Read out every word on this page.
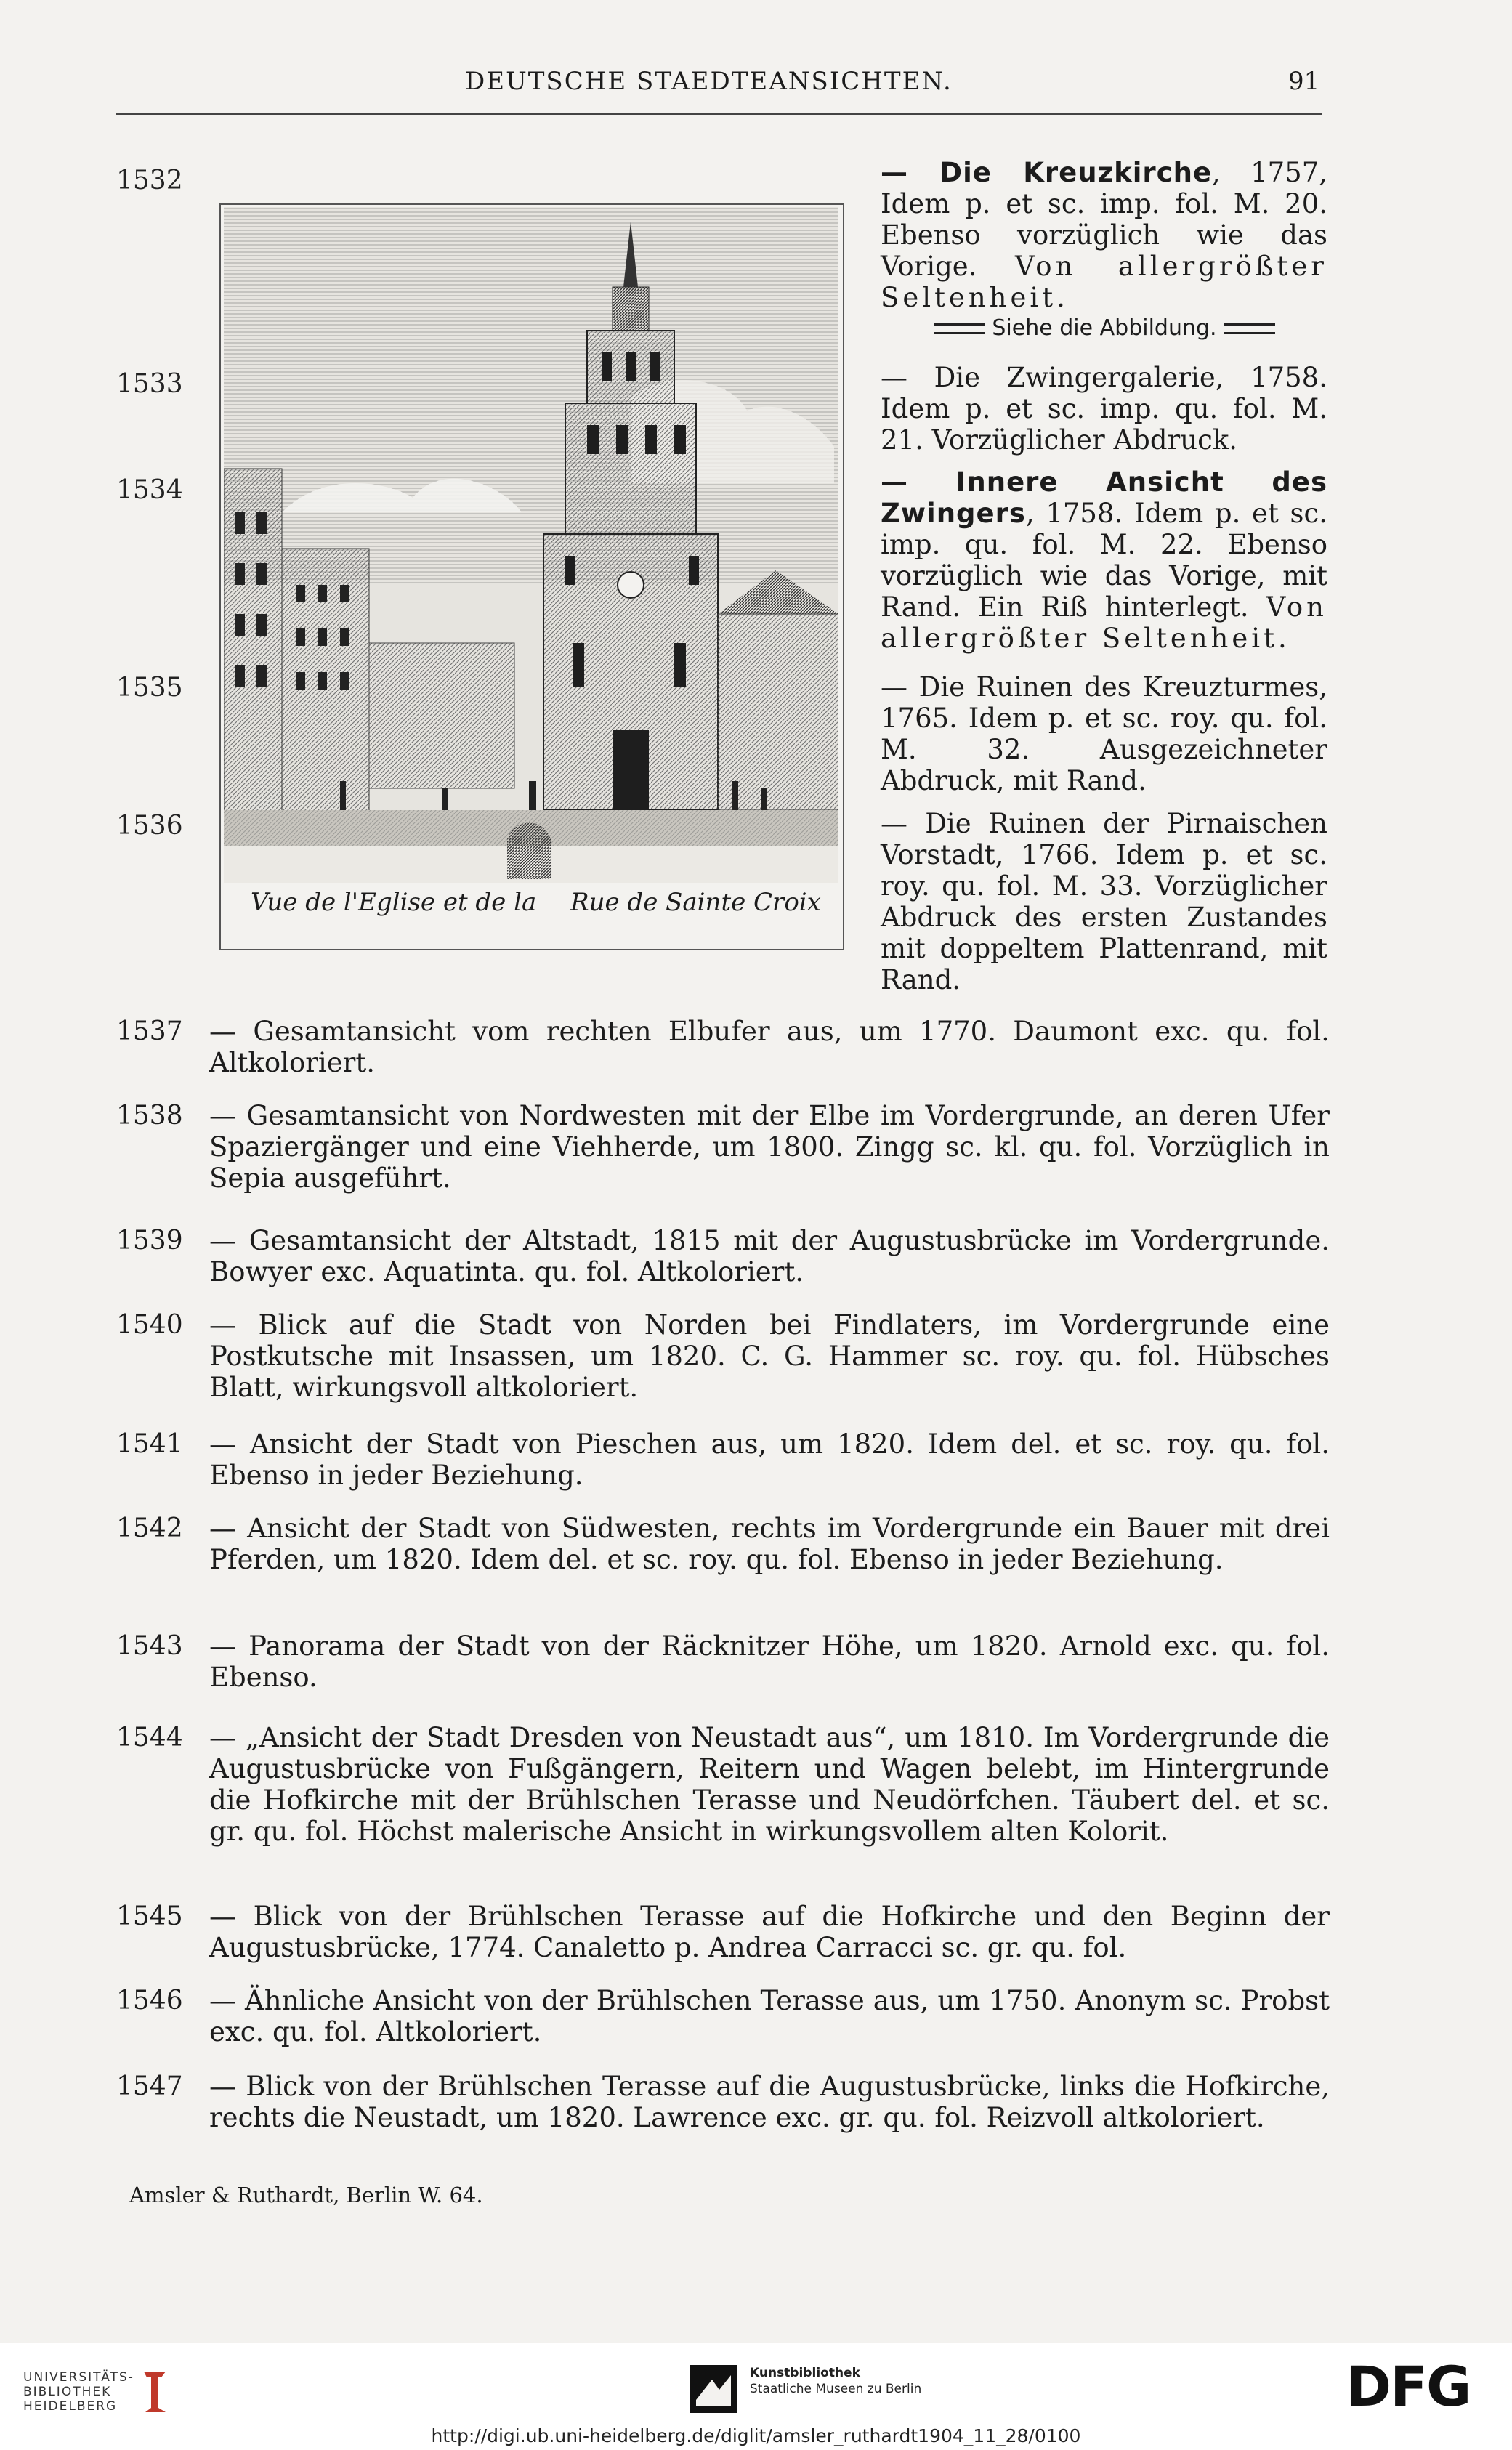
DEUTSCHE STAEDTEANSICHTEN.	91
Vue de l'Eglise et de la Rue de Sainte Croix
1532	— Die Kreuzkirche, 1757, Idem p. et sc. imp. fol. M. 20. Ebenso vorzüglich wie das Vorige. Von allergrößter Seltenheit.
Siehe die Abbildung.
1533	— Die Zwingergalerie, 1758. Idem p. et sc. imp. qu. fol. M. 21. Vorzüglicher Abdruck.
1534	— Innere Ansicht des Zwingers, 1758. Idem p. et sc. imp. qu. fol. M. 22. Ebenso vorzüglich wie das Vorige, mit Rand. Ein Riß hinterlegt. Von allergrößter Seltenheit.
1535	— Die Ruinen des Kreuzturmes, 1765. Idem p. et sc. roy. qu. fol. M. 32. Ausgezeichneter Abdruck, mit Rand.
1536	— Die Ruinen der Pirnaischen Vorstadt, 1766. Idem p. et sc. roy. qu. fol. M. 33. Vorzüglicher Abdruck des ersten Zustandes mit doppeltem Plattenrand, mit Rand.
1537 — Gesamtansicht vom rechten Elbufer aus, um 1770. Daumont exc. qu. fol. Altkoloriert.
1538 — Gesamtansicht von Nordwesten mit der Elbe im Vordergrunde, an deren Ufer Spaziergänger und eine Viehherde, um 1800. Zingg sc. kl. qu. fol. Vorzüglich in Sepia ausgeführt.
1539 — Gesamtansicht der Altstadt, 1815 mit der Augustusbrücke im Vordergrunde. Bowyer exc. Aquatinta. qu. fol. Altkoloriert.
1540 — Blick auf die Stadt von Norden bei Findlaters, im Vordergrunde eine Postkutsche mit Insassen, um 1820. C. G. Hammer sc. roy. qu. fol. Hübsches Blatt, wirkungsvoll altkoloriert.
1541 — Ansicht der Stadt von Pieschen aus, um 1820. Idem del. et sc. roy. qu. fol. Ebenso in jeder Beziehung.
1542 — Ansicht der Stadt von Südwesten, rechts im Vordergrunde ein Bauer mit drei Pferden, um 1820. Idem del. et sc. roy. qu. fol. Ebenso in jeder Beziehung.
1543 — Panorama der Stadt von der Räcknitzer Höhe, um 1820. Arnold exc. qu. fol. Ebenso.
1544 — „Ansicht der Stadt Dresden von Neustadt aus“, um 1810. Im Vordergrunde die Augustusbrücke von Fußgängern, Reitern und Wagen belebt, im Hintergrunde die Hofkirche mit der Brühlschen Terasse und Neudörfchen. Täubert del. et sc. gr. qu. fol. Höchst malerische Ansicht in wirkungsvollem alten Kolorit.
1545 — Blick von der Brühlschen Terasse auf die Hofkirche und den Beginn der Augustusbrücke, 1774. Canaletto p. Andrea Carracci sc. gr. qu. fol.
1546 — Ähnliche Ansicht von der Brühlschen Terasse aus, um 1750. Anonym sc. Probst exc. qu. fol. Altkoloriert.
1547 — Blick von der Brühlschen Terasse auf die Augustusbrücke, links die Hofkirche, rechts die Neustadt, um 1820. Lawrence exc. gr. qu. fol. Reizvoll altkoloriert.
Amsler & Ruthardt, Berlin W. 64.
UNIVERSITÄTS-
BIBLIOTHEK
HEIDELBERG
Kunstbibliothek
Staatliche Museen zu Berlin	DFG
http://digi.ub.uni-heidelberg.de/diglit/amsler_ruthardt1904_11_28/0100
